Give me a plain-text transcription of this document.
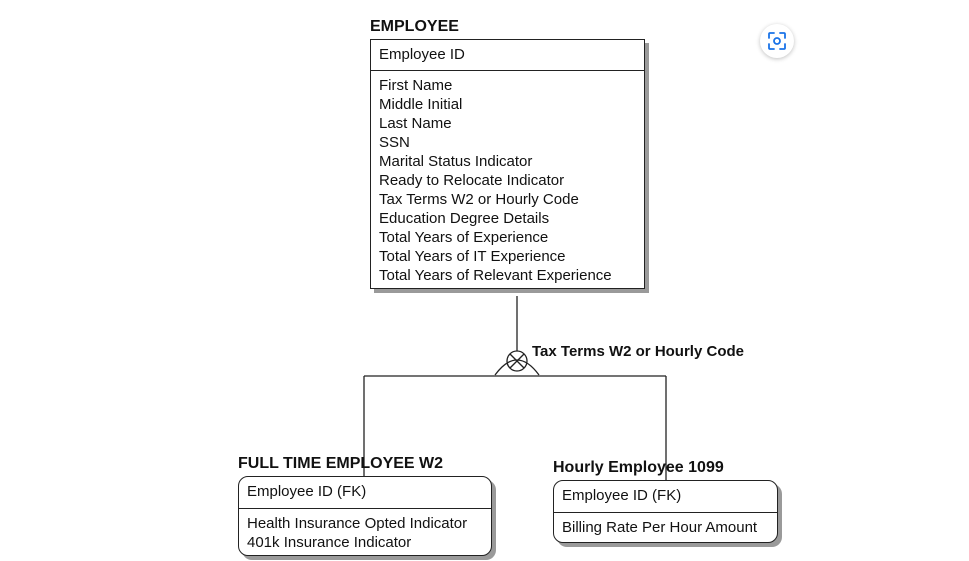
Tax Terms W2 or Hourly Code
EMPLOYEE
Employee ID
First Name
Middle Initial
Last Name
SSN
Marital Status Indicator
Ready to Relocate Indicator
Tax Terms W2 or Hourly Code
Education Degree Details
Total Years of Experience
Total Years of IT Experience
Total Years of Relevant Experience
FULL TIME EMPLOYEE W2
Employee ID (FK)
Health Insurance Opted Indicator
401k Insurance Indicator
Hourly Employee 1099
Employee ID (FK)
Billing Rate Per Hour Amount
